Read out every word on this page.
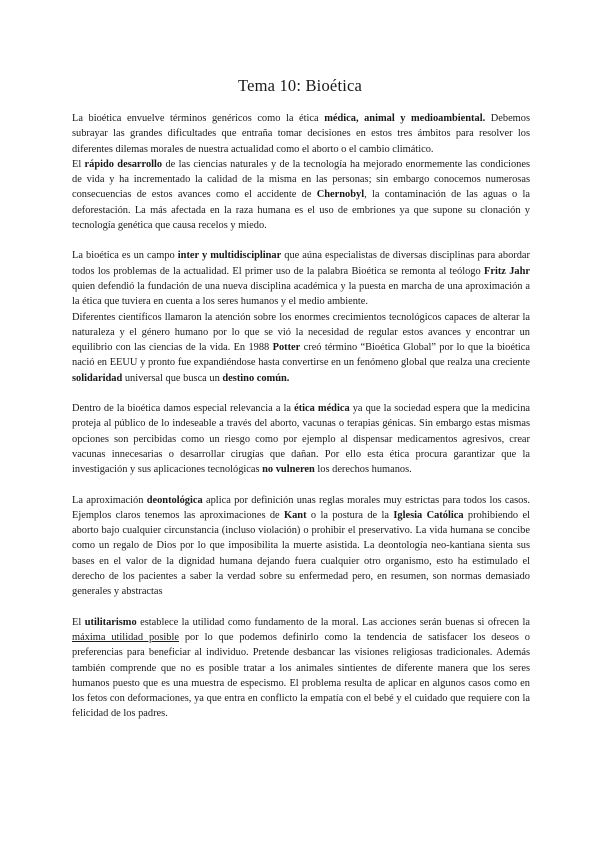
Tema 10: Bioética

La bioética envuelve términos genéricos como la ética médica, animal y medioambiental. Debemos subrayar las grandes dificultades que entraña tomar decisiones en estos tres ámbitos para resolver los diferentes dilemas morales de nuestra actualidad como el aborto o el cambio climático.

El rápido desarrollo de las ciencias naturales y de la tecnología ha mejorado enormemente las condiciones de vida y ha incrementado la calidad de la misma en las personas; sin embargo conocemos numerosas consecuencias de estos avances como el accidente de Chernobyl, la contaminación de las aguas o la deforestación. La más afectada en la raza humana es el uso de embriones ya que supone su clonación y tecnología genética que causa recelos y miedo.

La bioética es un campo inter y multidisciplinar que aúna especialistas de diversas disciplinas para abordar todos los problemas de la actualidad. El primer uso de la palabra Bioética se remonta al teólogo Fritz Jahr quien defendió la fundación de una nueva disciplina académica y la puesta en marcha de una aproximación a la ética que tuviera en cuenta a los seres humanos y el medio ambiente.

Diferentes científicos llamaron la atención sobre los enormes crecimientos tecnológicos capaces de alterar la naturaleza y el género humano por lo que se vió la necesidad de regular estos avances y encontrar un equilibrio con las ciencias de la vida. En 1988 Potter creó término “Bioética Global” por lo que la bioética nació en EEUU y pronto fue expandiéndose hasta convertirse en un fenómeno global que realza una creciente solidaridad universal que busca un destino común.

Dentro de la bioética damos especial relevancia a la ética médica ya que la sociedad espera que la medicina proteja al público de lo indeseable a través del aborto, vacunas o terapias génicas. Sin embargo estas mismas opciones son percibidas como un riesgo como por ejemplo al dispensar medicamentos agresivos, crear vacunas innecesarias o desarrollar cirugías que dañan. Por ello esta ética procura garantizar que la investigación y sus aplicaciones tecnológicas no vulneren los derechos humanos.

La aproximación deontológica aplica por definición unas reglas morales muy estrictas para todos los casos. Ejemplos claros tenemos las aproximaciones de Kant o la postura de la Iglesia Católica prohibiendo el aborto bajo cualquier circunstancia (incluso violación) o prohibir el preservativo. La vida humana se concibe como un regalo de Dios por lo que imposibilita la muerte asistida. La deontología neo-kantiana sienta sus bases en el valor de la dignidad humana dejando fuera cualquier otro organismo, esto ha estimulado el derecho de los pacientes a saber la verdad sobre su enfermedad pero, en resumen, son normas demasiado generales y abstractas

El utilitarismo establece la utilidad como fundamento de la moral. Las acciones serán buenas si ofrecen la máxima utilidad posible por lo que podemos definirlo como la tendencia de satisfacer los deseos o preferencias para beneficiar al individuo. Pretende desbancar las visiones religiosas tradicionales. Además también comprende que no es posible tratar a los animales sintientes de diferente manera que los seres humanos puesto que es una muestra de especismo. El problema resulta de aplicar en algunos casos como en los fetos con deformaciones, ya que entra en conflicto la empatía con el bebé y el cuidado que requiere con la felicidad de los padres.
